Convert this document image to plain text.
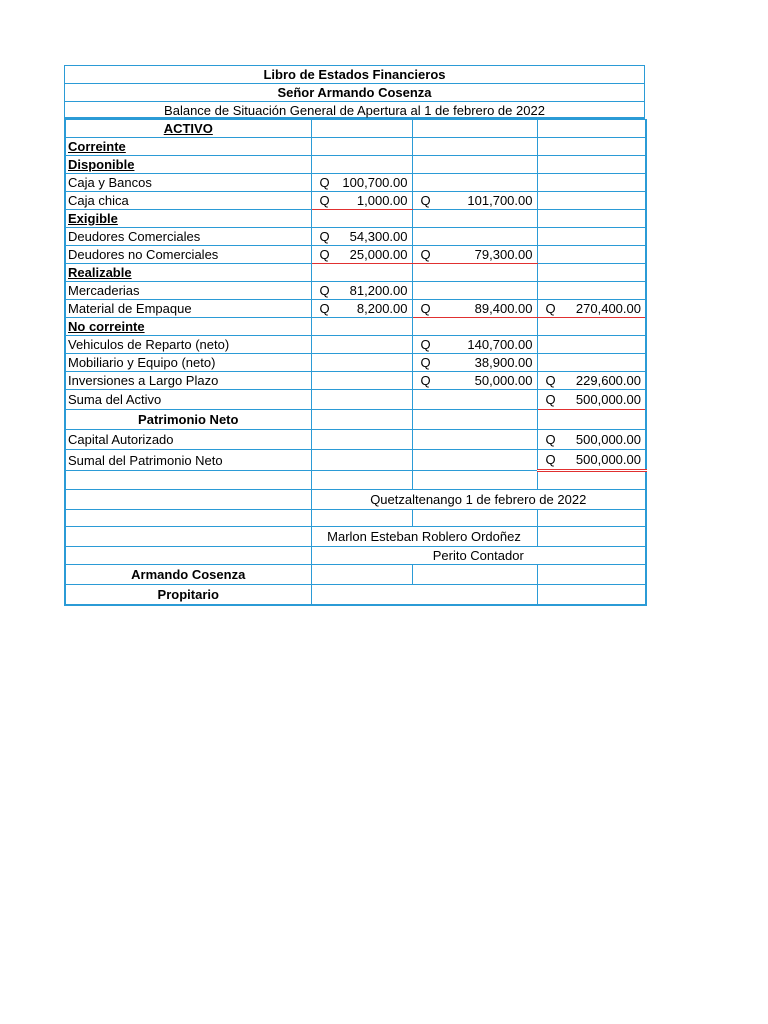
Libro de Estados Financieros
Señor Armando Cosenza
Balance de Situación General de Apertura al 1 de febrero de 2022
ACTIVO			
Correinte			
Disponible			
Caja y Bancos	Q 100,700.00		

Caja chica	Q 1,000.00	Q 101,700.00	

Exigible			
Deudores Comerciales	Q 54,300.00		

Deudores no Comerciales	Q 25,000.00	Q 79,300.00	

Realizable			
Mercaderias	Q 81,200.00		

Material de Empaque	Q 8,200.00	Q 89,400.00	Q 270,400.00

No correinte			
Vehiculos de Reparto (neto)		Q 140,700.00	

Mobiliario y Equipo (neto)		Q 38,900.00	

Inversiones a Largo Plazo		Q 50,000.00	Q 229,600.00

Suma del Activo			Q 500,000.00

Patrimonio Neto			
Capital Autorizado			Q 500,000.00

Sumal del Patrimonio Neto			Q 500,000.00

	Quetzaltenango 1 de febrero de 2022		

	Marlon Esteban Roblero Ordoñez		
	Perito Contador		
Armando Cosenza			
Propitario			
